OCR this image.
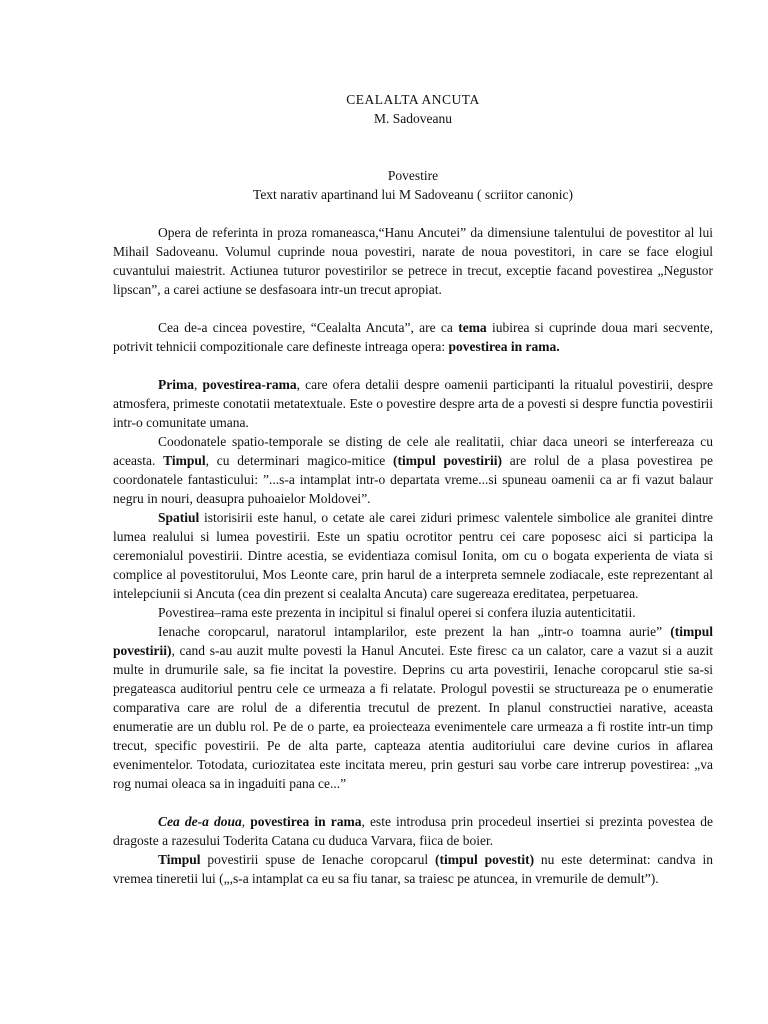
CEALALTA ANCUTA

M. Sadoveanu

Povestire

Text narativ apartinand lui M Sadoveanu ( scriitor canonic)

Opera de referinta in proza romaneasca,“Hanu Ancutei” da dimensiune talentului de povestitor al lui Mihail Sadoveanu. Volumul cuprinde noua povestiri, narate de noua povestitori, in care se face elogiul cuvantului maiestrit. Actiunea tuturor povestirilor se petrece in trecut, exceptie facand povestirea „Negustor lipscan”, a carei actiune se desfasoara intr-un trecut apropiat.

Cea de-a cincea povestire, “Cealalta Ancuta”, are ca tema iubirea si cuprinde doua mari secvente, potrivit tehnicii compozitionale care defineste intreaga opera: povestirea in rama.

Prima, povestirea-rama, care ofera detalii despre oamenii participanti la ritualul povestirii, despre atmosfera, primeste conotatii metatextuale. Este o povestire despre arta de a povesti si despre functia povestirii intr-o comunitate umana.

Coodonatele spatio-temporale se disting de cele ale realitatii, chiar daca uneori se interfereaza cu aceasta. Timpul, cu determinari magico-mitice (timpul povestirii) are rolul de a plasa povestirea pe coordonatele fantasticului: ”...s-a intamplat intr-o departata vreme...si spuneau oamenii ca ar fi vazut balaur negru in nouri, deasupra puhoaielor Moldovei”.

Spatiul istorisirii este hanul, o cetate ale carei ziduri primesc valentele simbolice ale granitei dintre lumea realului si lumea povestirii. Este un spatiu ocrotitor pentru cei care poposesc aici si participa la ceremonialul povestirii. Dintre acestia, se evidentiaza comisul Ionita, om cu o bogata experienta de viata si complice al povestitorului, Mos Leonte care, prin harul de a interpreta semnele zodiacale, este reprezentant al intelepciunii si Ancuta (cea din prezent si cealalta Ancuta) care sugereaza ereditatea, perpetuarea.

Povestirea–rama este prezenta in incipitul si finalul operei si confera iluzia autenticitatii.

Ienache coropcarul, naratorul intamplarilor, este prezent la han „intr-o toamna aurie” (timpul povestirii), cand s-au auzit multe povesti la Hanul Ancutei. Este firesc ca un calator, care a vazut si a auzit multe in drumurile sale, sa fie incitat la povestire. Deprins cu arta povestirii, Ienache coropcarul stie sa-si pregateasca auditoriul pentru cele ce urmeaza a fi relatate. Prologul povestii se structureaza pe o enumeratie comparativa care are rolul de a diferentia trecutul de prezent. In planul constructiei narative, aceasta enumeratie are un dublu rol. Pe de o parte, ea proiecteaza evenimentele care urmeaza a fi rostite intr-un timp trecut, specific povestirii. Pe de alta parte, capteaza atentia auditoriului care devine curios in aflarea evenimentelor. Totodata, curiozitatea este incitata mereu, prin gesturi sau vorbe care intrerup povestirea: „va rog numai oleaca sa in ingaduiti pana ce...”

Cea de-a doua, povestirea in rama, este introdusa prin procedeul insertiei si prezinta povestea de dragoste a razesului Toderita Catana cu duduca Varvara, fiica de boier.

Timpul povestirii spuse de Ienache coropcarul (timpul povestit) nu este determinat: candva in vremea tineretii lui („,s-a intamplat ca eu sa fiu tanar, sa traiesc pe atuncea, in vremurile de demult”).
